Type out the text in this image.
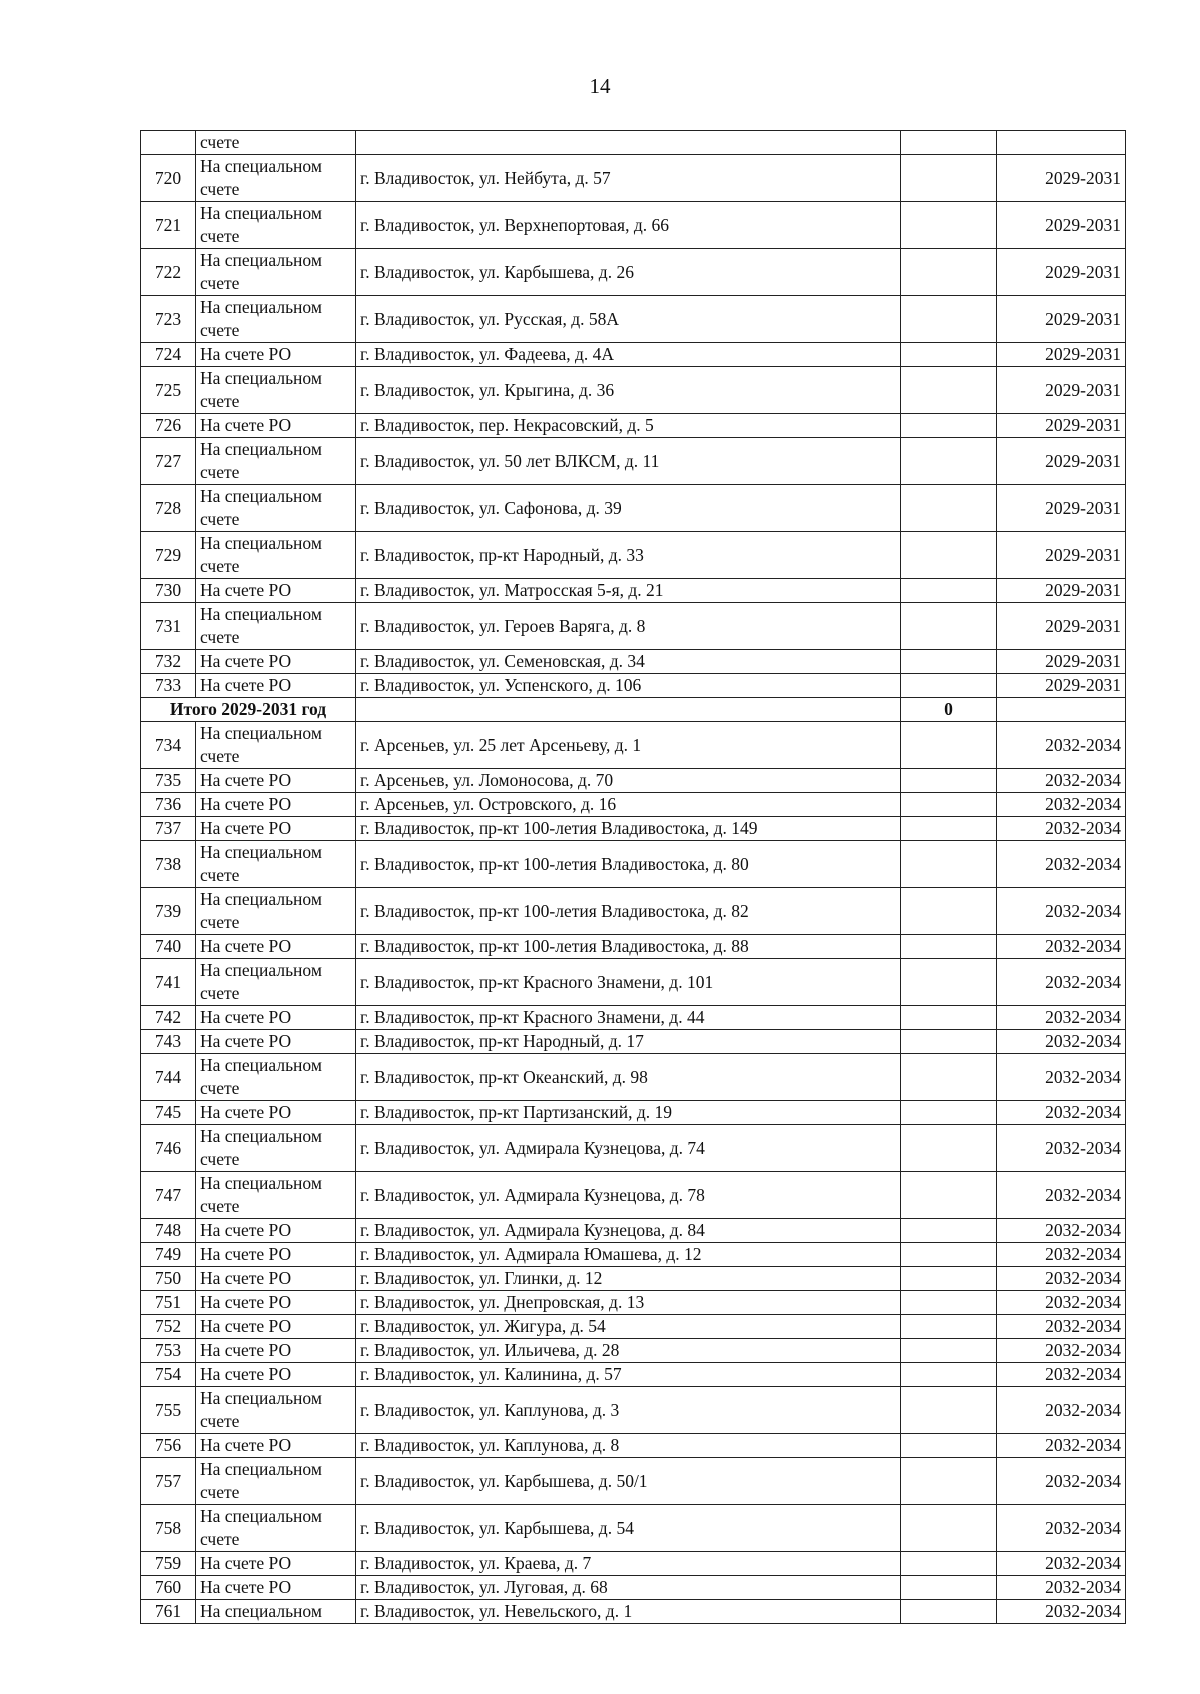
14
	счете			
720	На специальном счете	г. Владивосток, ул. Нейбута, д. 57		2029-2031
721	На специальном счете	г. Владивосток, ул. Верхнепортовая, д. 66		2029-2031
722	На специальном счете	г. Владивосток, ул. Карбышева, д. 26		2029-2031
723	На специальном счете	г. Владивосток, ул. Русская, д. 58А		2029-2031
724	На счете РО	г. Владивосток, ул. Фадеева, д. 4А		2029-2031
725	На специальном счете	г. Владивосток, ул. Крыгина, д. 36		2029-2031
726	На счете РО	г. Владивосток, пер. Некрасовский, д. 5		2029-2031
727	На специальном счете	г. Владивосток, ул. 50 лет ВЛКСМ, д. 11		2029-2031
728	На специальном счете	г. Владивосток, ул. Сафонова, д. 39		2029-2031
729	На специальном счете	г. Владивосток, пр-кт Народный, д. 33		2029-2031
730	На счете РО	г. Владивосток, ул. Матросская 5-я, д. 21		2029-2031
731	На специальном счете	г. Владивосток, ул. Героев Варяга, д. 8		2029-2031
732	На счете РО	г. Владивосток, ул. Семеновская, д. 34		2029-2031
733	На счете РО	г. Владивосток, ул. Успенского, д. 106		2029-2031
Итого 2029-2031 год			0	
734	На специальном счете	г. Арсеньев, ул. 25 лет Арсеньеву, д. 1		2032-2034
735	На счете РО	г. Арсеньев, ул. Ломоносова, д. 70		2032-2034
736	На счете РО	г. Арсеньев, ул. Островского, д. 16		2032-2034
737	На счете РО	г. Владивосток, пр-кт 100-летия Владивостока, д. 149		2032-2034
738	На специальном счете	г. Владивосток, пр-кт 100-летия Владивостока, д. 80		2032-2034
739	На специальном счете	г. Владивосток, пр-кт 100-летия Владивостока, д. 82		2032-2034
740	На счете РО	г. Владивосток, пр-кт 100-летия Владивостока, д. 88		2032-2034
741	На специальном счете	г. Владивосток, пр-кт Красного Знамени, д. 101		2032-2034
742	На счете РО	г. Владивосток, пр-кт Красного Знамени, д. 44		2032-2034
743	На счете РО	г. Владивосток, пр-кт Народный, д. 17		2032-2034
744	На специальном счете	г. Владивосток, пр-кт Океанский, д. 98		2032-2034
745	На счете РО	г. Владивосток, пр-кт Партизанский, д. 19		2032-2034
746	На специальном счете	г. Владивосток, ул. Адмирала Кузнецова, д. 74		2032-2034
747	На специальном счете	г. Владивосток, ул. Адмирала Кузнецова, д. 78		2032-2034
748	На счете РО	г. Владивосток, ул. Адмирала Кузнецова, д. 84		2032-2034
749	На счете РО	г. Владивосток, ул. Адмирала Юмашева, д. 12		2032-2034
750	На счете РО	г. Владивосток, ул. Глинки, д. 12		2032-2034
751	На счете РО	г. Владивосток, ул. Днепровская, д. 13		2032-2034
752	На счете РО	г. Владивосток, ул. Жигура, д. 54		2032-2034
753	На счете РО	г. Владивосток, ул. Ильичева, д. 28		2032-2034
754	На счете РО	г. Владивосток, ул. Калинина, д. 57		2032-2034
755	На специальном счете	г. Владивосток, ул. Каплунова, д. 3		2032-2034
756	На счете РО	г. Владивосток, ул. Каплунова, д. 8		2032-2034
757	На специальном счете	г. Владивосток, ул. Карбышева, д. 50/1		2032-2034
758	На специальном счете	г. Владивосток, ул. Карбышева, д. 54		2032-2034
759	На счете РО	г. Владивосток, ул. Краева, д. 7		2032-2034
760	На счете РО	г. Владивосток, ул. Луговая, д. 68		2032-2034
761	На специальном	г. Владивосток, ул. Невельского, д. 1		2032-2034
